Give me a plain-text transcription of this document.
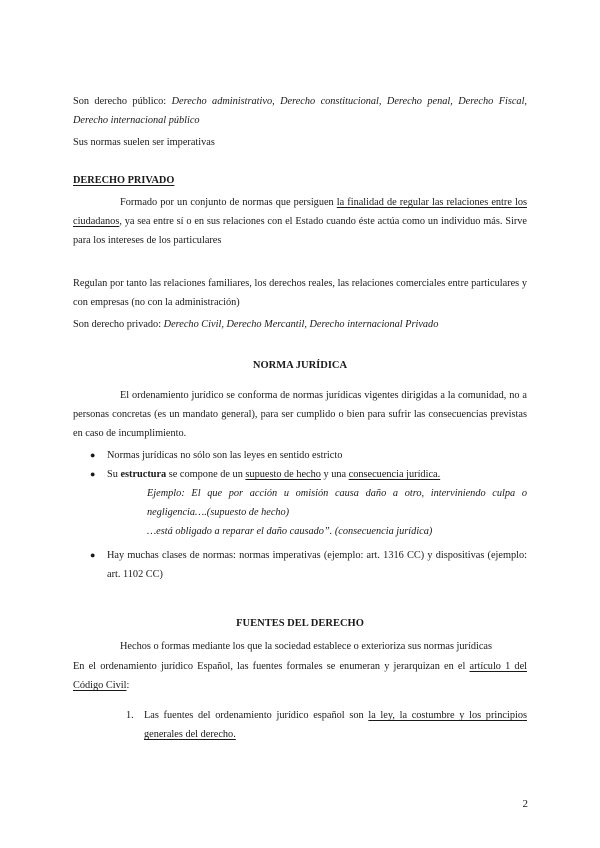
Son derecho público: Derecho administrativo, Derecho constitucional, Derecho penal, Derecho Fiscal, Derecho internacional público

Sus normas suelen ser imperativas

DERECHO PRIVADO

Formado por un conjunto de normas que persiguen la finalidad de regular las relaciones entre los ciudadanos, ya sea entre sí o en sus relaciones con el Estado cuando éste actúa como un individuo más. Sirve para los intereses de los particulares

Regulan por tanto las relaciones familiares, los derechos reales, las relaciones comerciales entre particulares y con empresas (no con la administración)

Son derecho privado: Derecho Civil, Derecho Mercantil, Derecho internacional Privado

NORMA JURÍDICA

El ordenamiento jurídico se conforma de normas jurídicas vigentes dirigidas a la comunidad, no a personas concretas (es un mandato general), para ser cumplido o bien para sufrir las consecuencias previstas en caso de incumplimiento.

● Normas jurídicas no sólo son las leyes en sentido estricto
● Su estructura se compone de un supuesto de hecho y una consecuencia jurídica.
Ejemplo: El que por acción u omisión causa daño a otro, interviniendo culpa o negligencia….(supuesto de hecho)
…está obligado a reparar el daño causado”. (consecuencia jurídica)
● Hay muchas clases de normas: normas imperativas (ejemplo: art. 1316 CC) y dispositivas (ejemplo: art. 1102 CC)

FUENTES DEL DERECHO

Hechos o formas mediante los que la sociedad establece o exterioriza sus normas jurídicas

En el ordenamiento jurídico Español, las fuentes formales se enumeran y jerarquizan en el artículo 1 del Código Civil:

1. Las fuentes del ordenamiento jurídico español son la ley, la costumbre y los principios generales del derecho.
2
